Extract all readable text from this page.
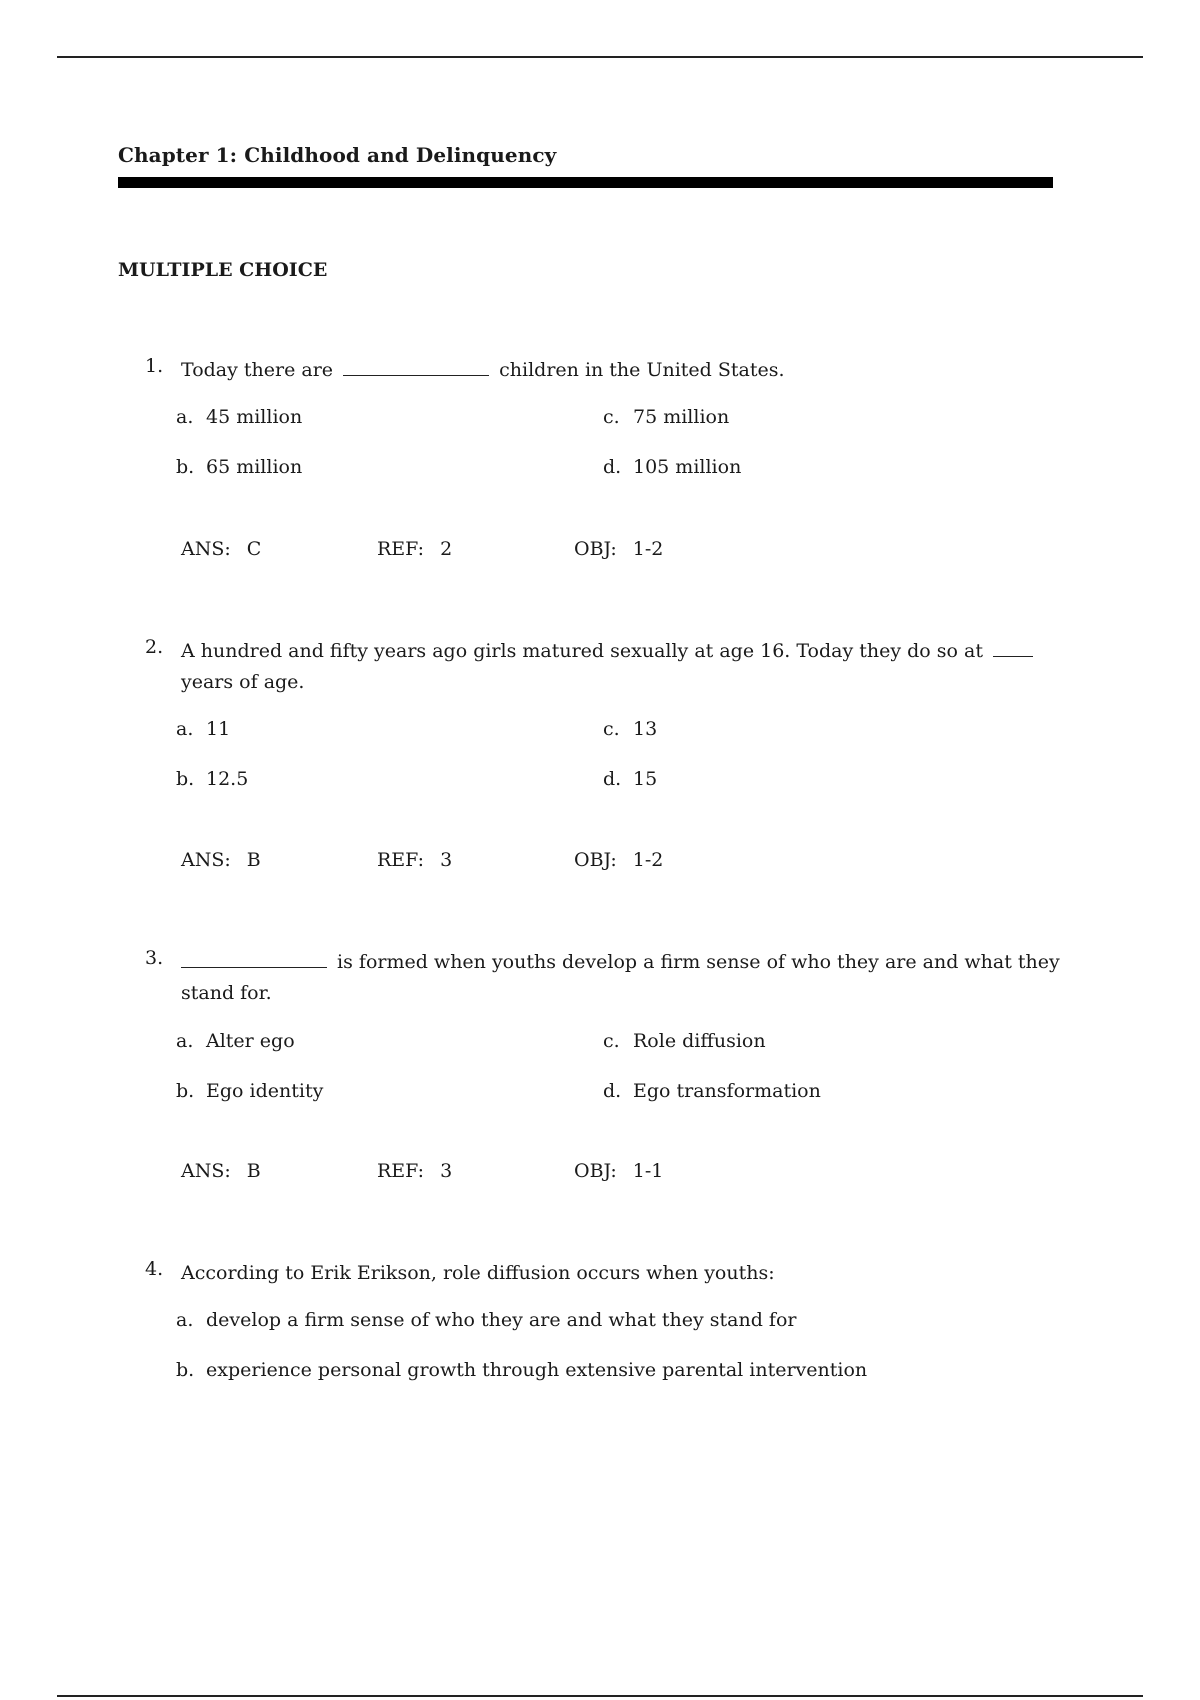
Chapter 1: Childhood and Delinquency
MULTIPLE CHOICE
1. Today there are	children in the United States.
a. 45 million
b. 65 million
c. 75 million
d. 105 million
ANS: C	REF: 2	OBJ: 1-2
2. A hundred and fifty years ago girls matured sexually at age 16. Today they do so at  years of age.
a. 11
b. 12.5
c. 13
d. 15
ANS: B	REF: 3	OBJ: 1-2
3.	is formed when youths develop a firm sense of who they are and what they stand for.
a. Alter ego
b. Ego identity
c. Role diffusion
d. Ego transformation
ANS: B	REF: 3	OBJ: 1-1
4. According to Erik Erikson, role diffusion occurs when youths:
a. develop a firm sense of who they are and what they stand for
b. experience personal growth through extensive parental intervention
